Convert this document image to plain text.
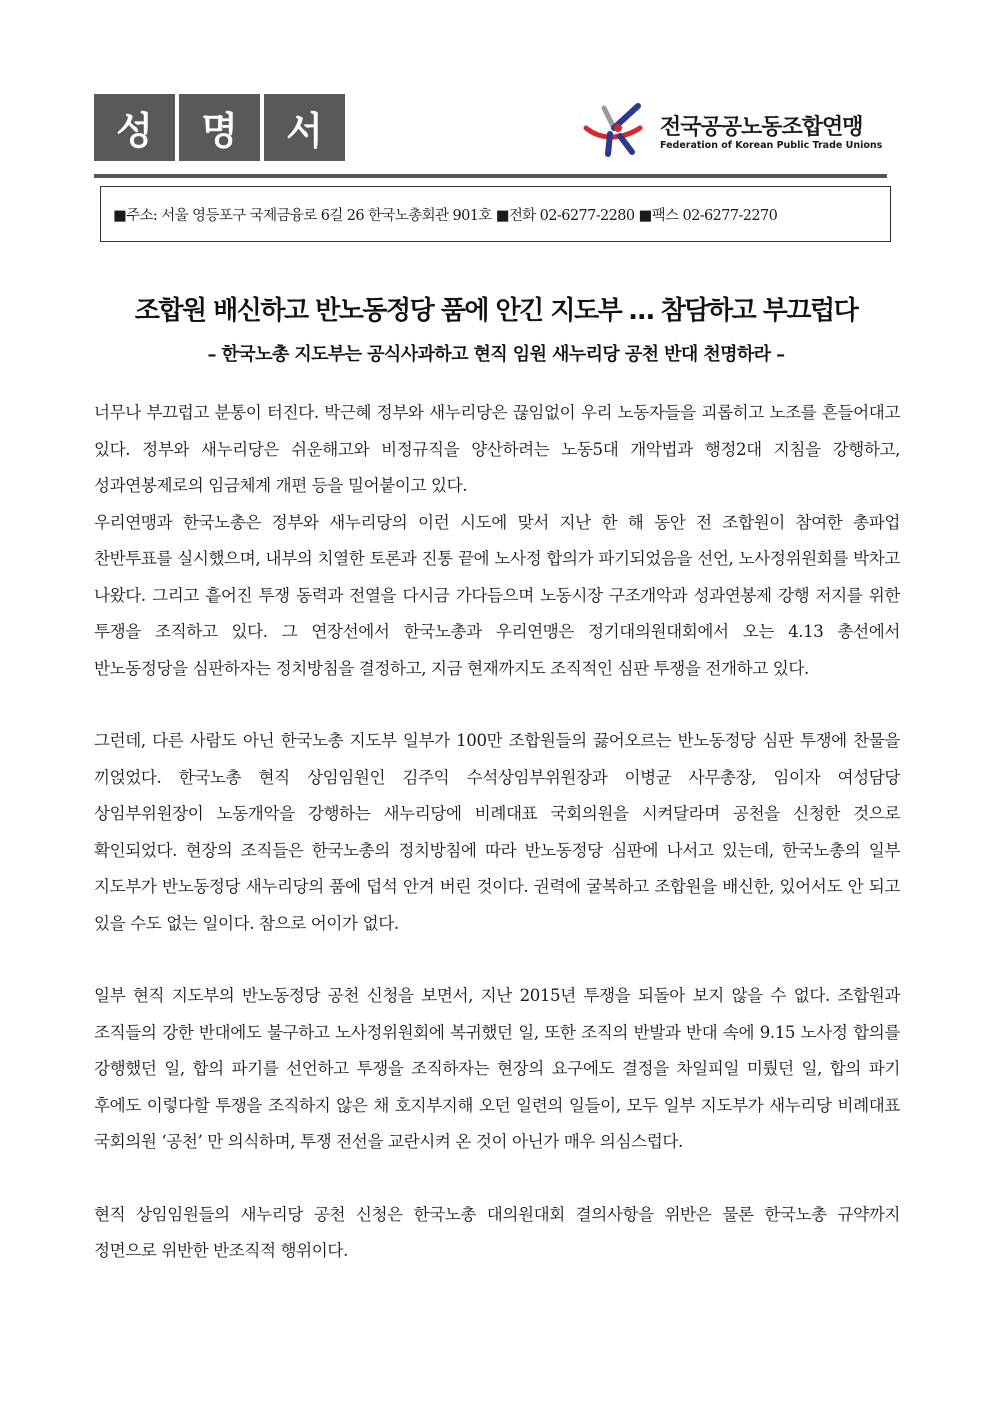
성	명	서	전국공공노동조합연맹
Federation of Korean Public Trade Unions
■주소: 서울 영등포구 국제금융로 6길 26 한국노총회관 901호 ■전화 02-6277-2280 ■팩스 02-6277-2270
조합원 배신하고 반노동정당 품에 안긴 지도부 … 참담하고 부끄럽다
– 한국노총 지도부는 공식사과하고 현직 임원 새누리당 공천 반대 천명하라 –

너무나 부끄럽고 분통이 터진다. 박근혜 정부와 새누리당은 끊임없이 우리 노동자들을 괴롭히고 노조를 흔들어대고 있다. 정부와 새누리당은 쉬운해고와 비정규직을 양산하려는 노동5대 개악법과 행정2대 지침을 강행하고, 성과연봉제로의 임금체계 개편 등을 밀어붙이고 있다.

우리연맹과 한국노총은 정부와 새누리당의 이런 시도에 맞서 지난 한 해 동안 전 조합원이 참여한 총파업 찬반투표를 실시했으며, 내부의 치열한 토론과 진통 끝에 노사정 합의가 파기되었음을 선언, 노사정위원회를 박차고 나왔다. 그리고 흩어진 투쟁 동력과 전열을 다시금 가다듬으며 노동시장 구조개악과 성과연봉제 강행 저지를 위한 투쟁을 조직하고 있다. 그 연장선에서 한국노총과 우리연맹은 정기대의원대회에서 오는 4.13 총선에서 반노동정당을 심판하자는 정치방침을 결정하고, 지금 현재까지도 조직적인 심판 투쟁을 전개하고 있다.

그런데, 다른 사람도 아닌 한국노총 지도부 일부가 100만 조합원들의 끓어오르는 반노동정당 심판 투쟁에 찬물을 끼얹었다. 한국노총 현직 상임임원인 김주익 수석상임부위원장과 이병균 사무총장, 임이자 여성담당 상임부위원장이 노동개악을 강행하는 새누리당에 비례대표 국회의원을 시켜달라며 공천을 신청한 것으로 확인되었다. 현장의 조직들은 한국노총의 정치방침에 따라 반노동정당 심판에 나서고 있는데, 한국노총의 일부 지도부가 반노동정당 새누리당의 품에 덥석 안겨 버린 것이다. 권력에 굴복하고 조합원을 배신한, 있어서도 안 되고 있을 수도 없는 일이다. 참으로 어이가 없다.

일부 현직 지도부의 반노동정당 공천 신청을 보면서, 지난 2015년 투쟁을 되돌아 보지 않을 수 없다. 조합원과 조직들의 강한 반대에도 불구하고 노사정위원회에 복귀했던 일, 또한 조직의 반발과 반대 속에 9.15 노사정 합의를 강행했던 일, 합의 파기를 선언하고 투쟁을 조직하자는 현장의 요구에도 결정을 차일피일 미뤘던 일, 합의 파기 후에도 이렇다할 투쟁을 조직하지 않은 채 호지부지해 오던 일련의 일들이, 모두 일부 지도부가 새누리당 비례대표 국회의원 ‘공천’ 만 의식하며, 투쟁 전선을 교란시켜 온 것이 아닌가 매우 의심스럽다.

현직 상임임원들의 새누리당 공천 신청은 한국노총 대의원대회 결의사항을 위반은 물론 한국노총 규약까지 정면으로 위반한 반조직적 행위이다.
